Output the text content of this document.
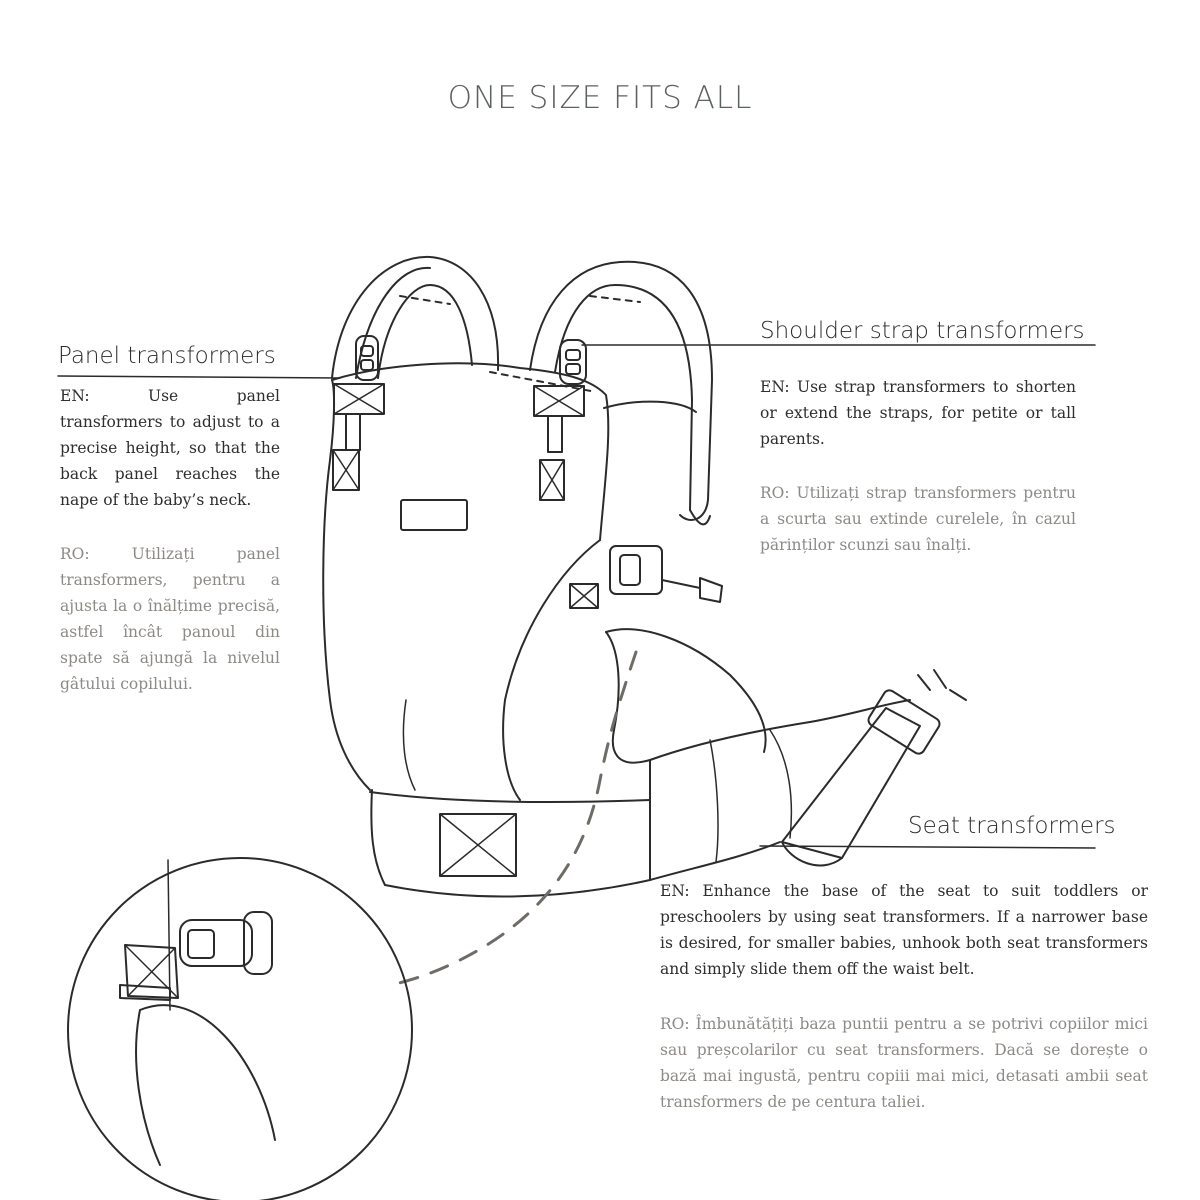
ONE SIZE FITS ALL
Panel transformers

EN: Use panel transformers to adjust to a precise height, so that the back panel reaches the nape of the baby’s neck.

RO: Utilizați panel transformers, pentru a ajusta la o înălțime precisă, astfel încât panoul din spate să ajungă la nivelul gâtului copilului.

Shoulder strap transformers

EN: Use strap transformers to shorten or extend the straps, for petite or tall parents.

RO: Utilizați strap transformers pentru a scurta sau extinde curelele, în cazul părinților scunzi sau înalți.

Seat transformers

EN: Enhance the base of the seat to suit toddlers or preschoolers by using seat transformers. If a narrower base is desired, for smaller babies, unhook both seat transformers and simply slide them off the waist belt.

RO: Îmbunătățiți baza puntii pentru a se potrivi copiilor mici sau preșcolarilor cu seat transformers. Dacă se dorește o bază mai ingustă, pentru copiii mai mici, detasati ambii seat transformers de pe centura taliei.
